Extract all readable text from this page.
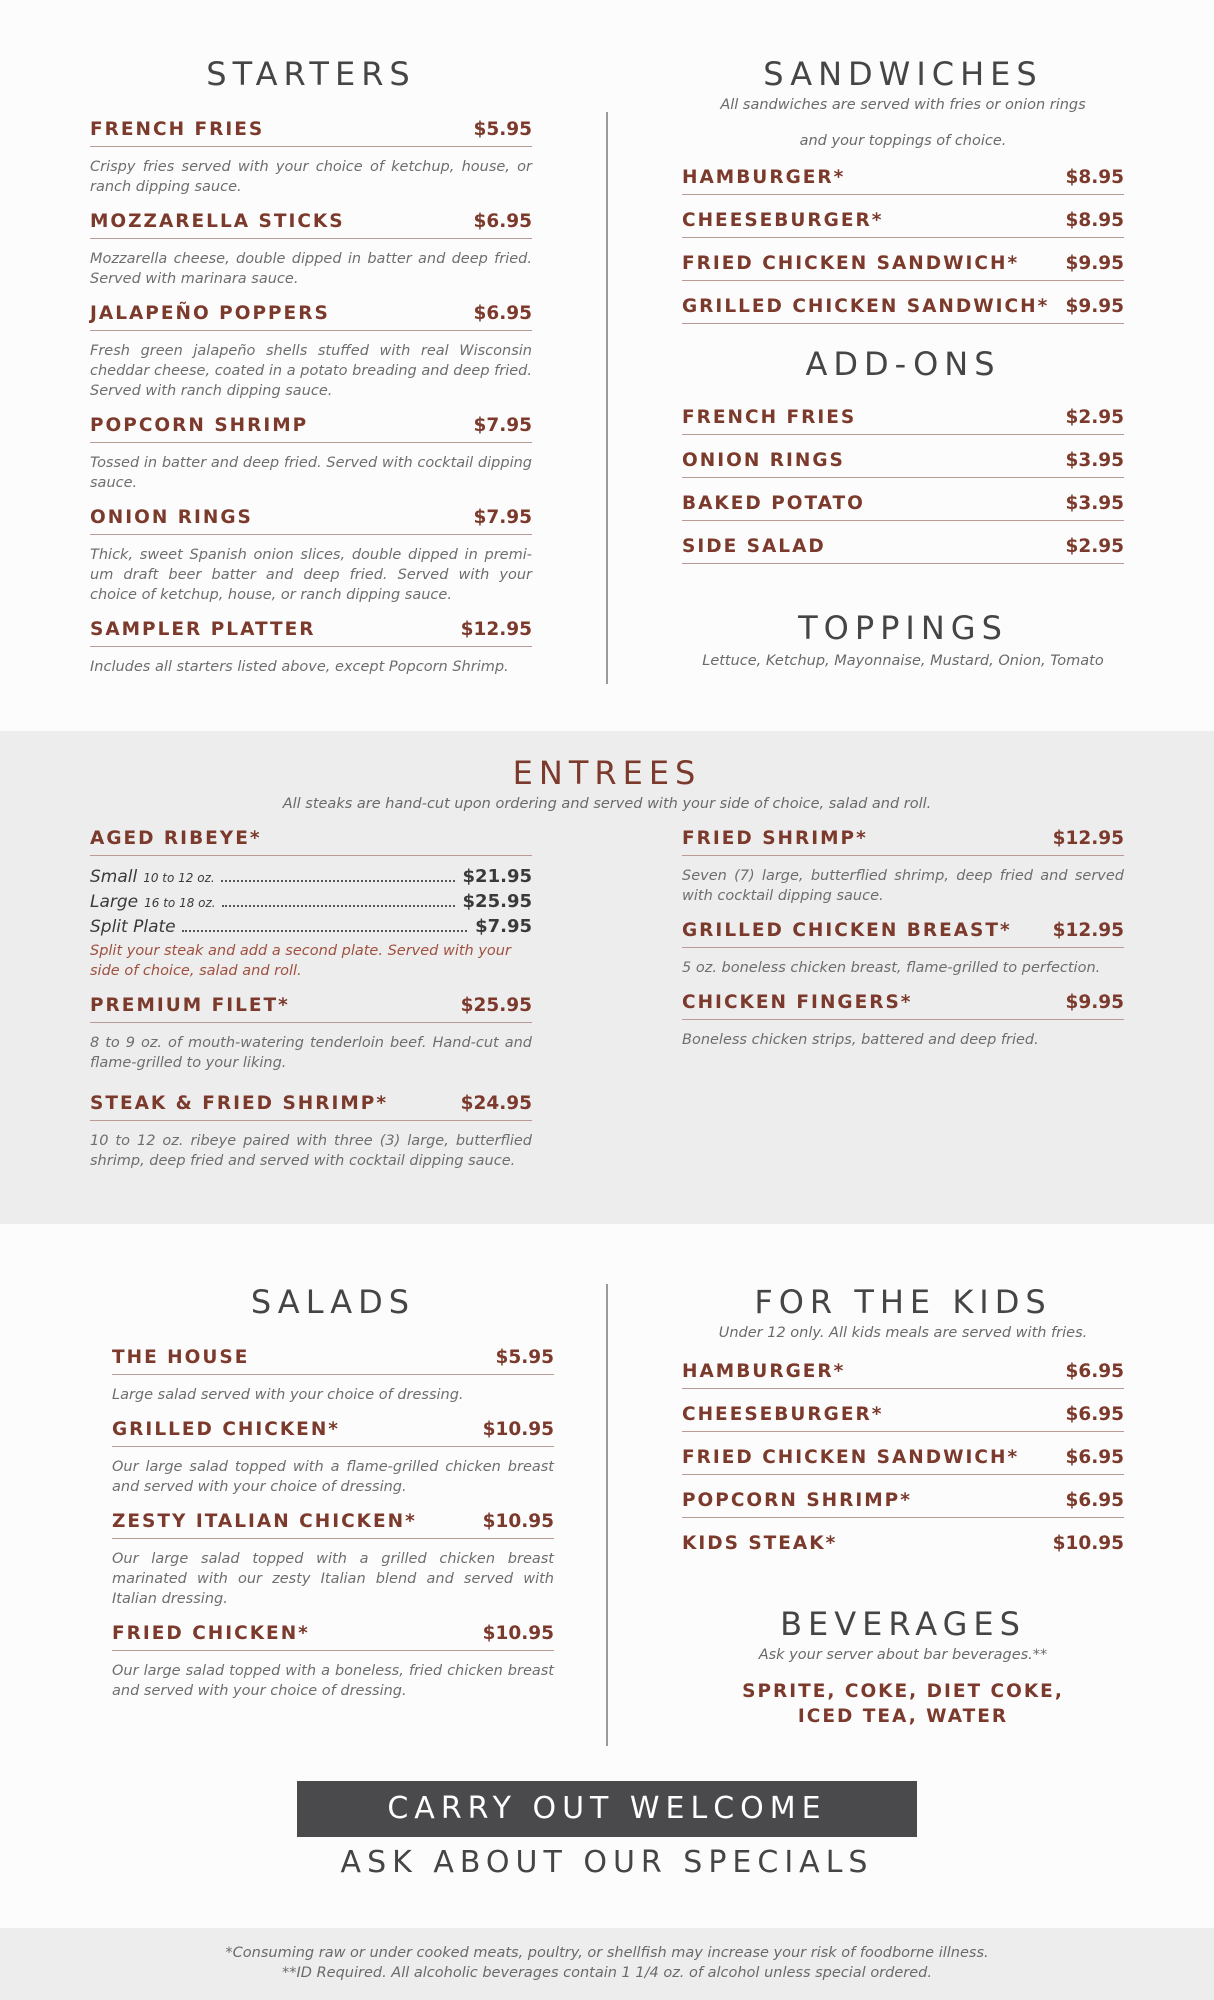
STARTERS
FRENCH FRIES	$5.95

Crispy fries served with your choice of ketchup, house, or ranch dipping sauce.

MOZZARELLA STICKS	$6.95

Mozzarella cheese, double dipped in batter and deep fried. Served with marinara sauce.

JALAPEÑO POPPERS	$6.95

Fresh green jalapeño shells stuffed with real Wisconsin cheddar cheese, coated in a potato breading and deep fried. Served with ranch dipping sauce.

POPCORN SHRIMP	$7.95

Tossed in batter and deep fried. Served with cocktail dipping sauce.

ONION RINGS	$7.95

Thick, sweet Spanish onion slices, double dipped in premi-um draft beer batter and deep fried. Served with your choice of ketchup, house, or ranch dipping sauce.

SAMPLER PLATTER	$12.95

Includes all starters listed above, except Popcorn Shrimp.

SANDWICHES

All sandwiches are served with fries or onion rings

and your toppings of choice.

HAMBURGER*	$8.95
CHEESEBURGER*	$8.95
FRIED CHICKEN SANDWICH*	$9.95
GRILLED CHICKEN SANDWICH* $9.95
ADD-ONS
FRENCH FRIES	$2.95
ONION RINGS	$3.95
BAKED POTATO	$3.95
SIDE SALAD	$2.95
TOPPINGS

Lettuce, Ketchup, Mayonnaise, Mustard, Onion, Tomato

ENTREES

All steaks are hand-cut upon ordering and served with your side of choice, salad and roll.

AGED RIBEYE*
Small 10 to 12 oz.	$21.95
Large 16 to 18 oz.	$25.95
Split Plate	$7.95

Split your steak and add a second plate. Served with your side of choice, salad and roll.

PREMIUM FILET*	$25.95

8 to 9 oz. of mouth-watering tenderloin beef. Hand-cut and flame-grilled to your liking.

STEAK & FRIED SHRIMP*	$24.95

10 to 12 oz. ribeye paired with three (3) large, butterflied shrimp, deep fried and served with cocktail dipping sauce.

FRIED SHRIMP*	$12.95

Seven (7) large, butterflied shrimp, deep fried and served with cocktail dipping sauce.

GRILLED CHICKEN BREAST* $12.95

5 oz. boneless chicken breast, flame-grilled to perfection.

CHICKEN FINGERS*	$9.95

Boneless chicken strips, battered and deep fried.

SALADS
THE HOUSE	$5.95

Large salad served with your choice of dressing.

GRILLED CHICKEN*	$10.95

Our large salad topped with a flame-grilled chicken breast and served with your choice of dressing.

ZESTY ITALIAN CHICKEN*	$10.95

Our large salad topped with a grilled chicken breast marinated with our zesty Italian blend and served with Italian dressing.

FRIED CHICKEN*	$10.95

Our large salad topped with a boneless, fried chicken breast and served with your choice of dressing.

FOR THE KIDS

Under 12 only. All kids meals are served with fries.

HAMBURGER*	$6.95
CHEESEBURGER*	$6.95
FRIED CHICKEN SANDWICH*	$6.95
POPCORN SHRIMP*	$6.95
KIDS STEAK*	$10.95
BEVERAGES

Ask your server about bar beverages.**

SPRITE, COKE, DIET COKE,
ICED TEA, WATER
CARRY OUT WELCOME
ASK ABOUT OUR SPECIALS

*Consuming raw or under cooked meats, poultry, or shellfish may increase your risk of foodborne illness.

**ID Required. All alcoholic beverages contain 1 1/4 oz. of alcohol unless special ordered.
